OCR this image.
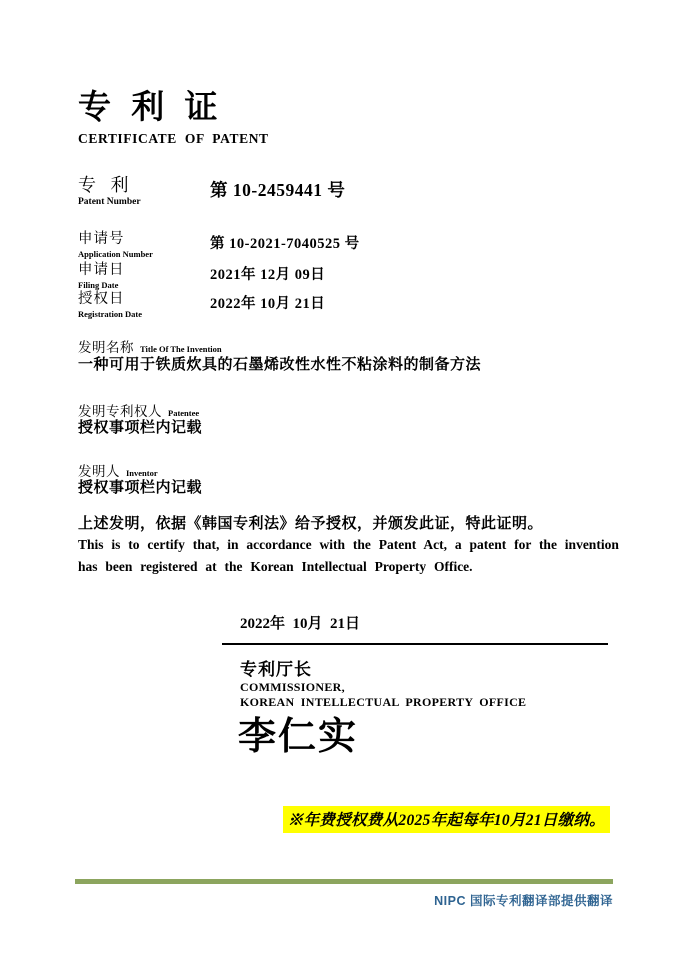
专 利 证
CERTIFICATE OF PATENT
专 利
Patent Number
第 10-2459441 号
申请号
Application Number
第 10-2021-7040525 号
申请日
Filing Date
2021年 12月 09日
授权日
Registration Date
2022年 10月 21日
发明名称 Title Of The Invention
一种可用于铁质炊具的石墨烯改性水性不粘涂料的制备方法
发明专利权人 Patentee
授权事项栏内记载
发明人 Inventor
授权事项栏内记载
上述发明，依据《韩国专利法》给予授权，并颁发此证，特此证明。
This is to certify that, in accordance with the Patent Act, a patent for the invention
has been registered at the Korean Intellectual Property Office.
2022年  10月  21日
专利厅长
COMMISSIONER,
KOREAN INTELLECTUAL PROPERTY OFFICE
李仁实
※年费授权费从2025年起每年10月21日缴纳。
NIPC 国际专利翻译部提供翻译
